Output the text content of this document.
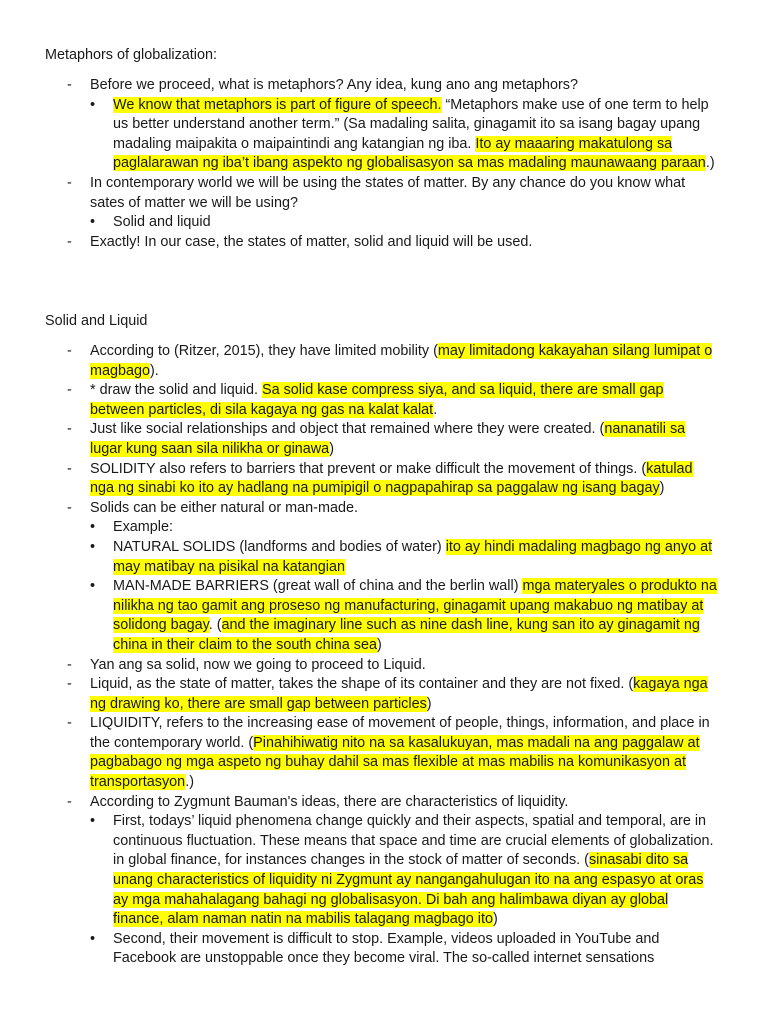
Metaphors of globalization:

- Before we proceed, what is metaphors? Any idea, kung ano ang metaphors?

• We know that metaphors is part of figure of speech. “Metaphors make use of one term to help us better understand another term.” (Sa madaling salita, ginagamit ito sa isang bagay upang madaling maipakita o maipaintindi ang katangian ng iba. Ito ay maaaring makatulong sa paglalarawan ng iba’t ibang aspekto ng globalisasyon sa mas madaling maunawaang paraan.)

- In contemporary world we will be using the states of matter. By any chance do you know what sates of matter we will be using?

• Solid and liquid

- Exactly! In our case, the states of matter, solid and liquid will be used.

Solid and Liquid

- According to (Ritzer, 2015), they have limited mobility (may limitadong kakayahan silang lumipat o magbago).

- * draw the solid and liquid. Sa solid kase compress siya, and sa liquid, there are small gap between particles, di sila kagaya ng gas na kalat kalat.

- Just like social relationships and object that remained where they were created. (nananatili sa lugar kung saan sila nilikha or ginawa)

- SOLIDITY also refers to barriers that prevent or make difficult the movement of things. (katulad nga ng sinabi ko ito ay hadlang na pumipigil o nagpapahirap sa paggalaw ng isang bagay)

- Solids can be either natural or man-made.

• Example:

• NATURAL SOLIDS (landforms and bodies of water) ito ay hindi madaling magbago ng anyo at may matibay na pisikal na katangian

• MAN-MADE BARRIERS (great wall of china and the berlin wall) mga materyales o produkto na nilikha ng tao gamit ang proseso ng manufacturing, ginagamit upang makabuo ng matibay at solidong bagay. (and the imaginary line such as nine dash line, kung san ito ay ginagamit ng china in their claim to the south china sea)

- Yan ang sa solid, now we going to proceed to Liquid.

- Liquid, as the state of matter, takes the shape of its container and they are not fixed. (kagaya nga ng drawing ko, there are small gap between particles)

- LIQUIDITY, refers to the increasing ease of movement of people, things, information, and place in the contemporary world. (Pinahihiwatig nito na sa kasalukuyan, mas madali na ang paggalaw at pagbabago ng mga aspeto ng buhay dahil sa mas flexible at mas mabilis na komunikasyon at transportasyon.)

- According to Zygmunt Bauman's ideas, there are characteristics of liquidity.

• First, todays’ liquid phenomena change quickly and their aspects, spatial and temporal, are in continuous fluctuation. These means that space and time are crucial elements of globalization. in global finance, for instances changes in the stock of matter of seconds. (sinasabi dito sa unang characteristics of liquidity ni Zygmunt ay nangangahulugan ito na ang espasyo at oras ay mga mahahalagang bahagi ng globalisasyon. Di bah ang halimbawa diyan ay global finance, alam naman natin na mabilis talagang magbago ito)

• Second, their movement is difficult to stop. Example, videos uploaded in YouTube and Facebook are unstoppable once they become viral. The so-called internet sensations
